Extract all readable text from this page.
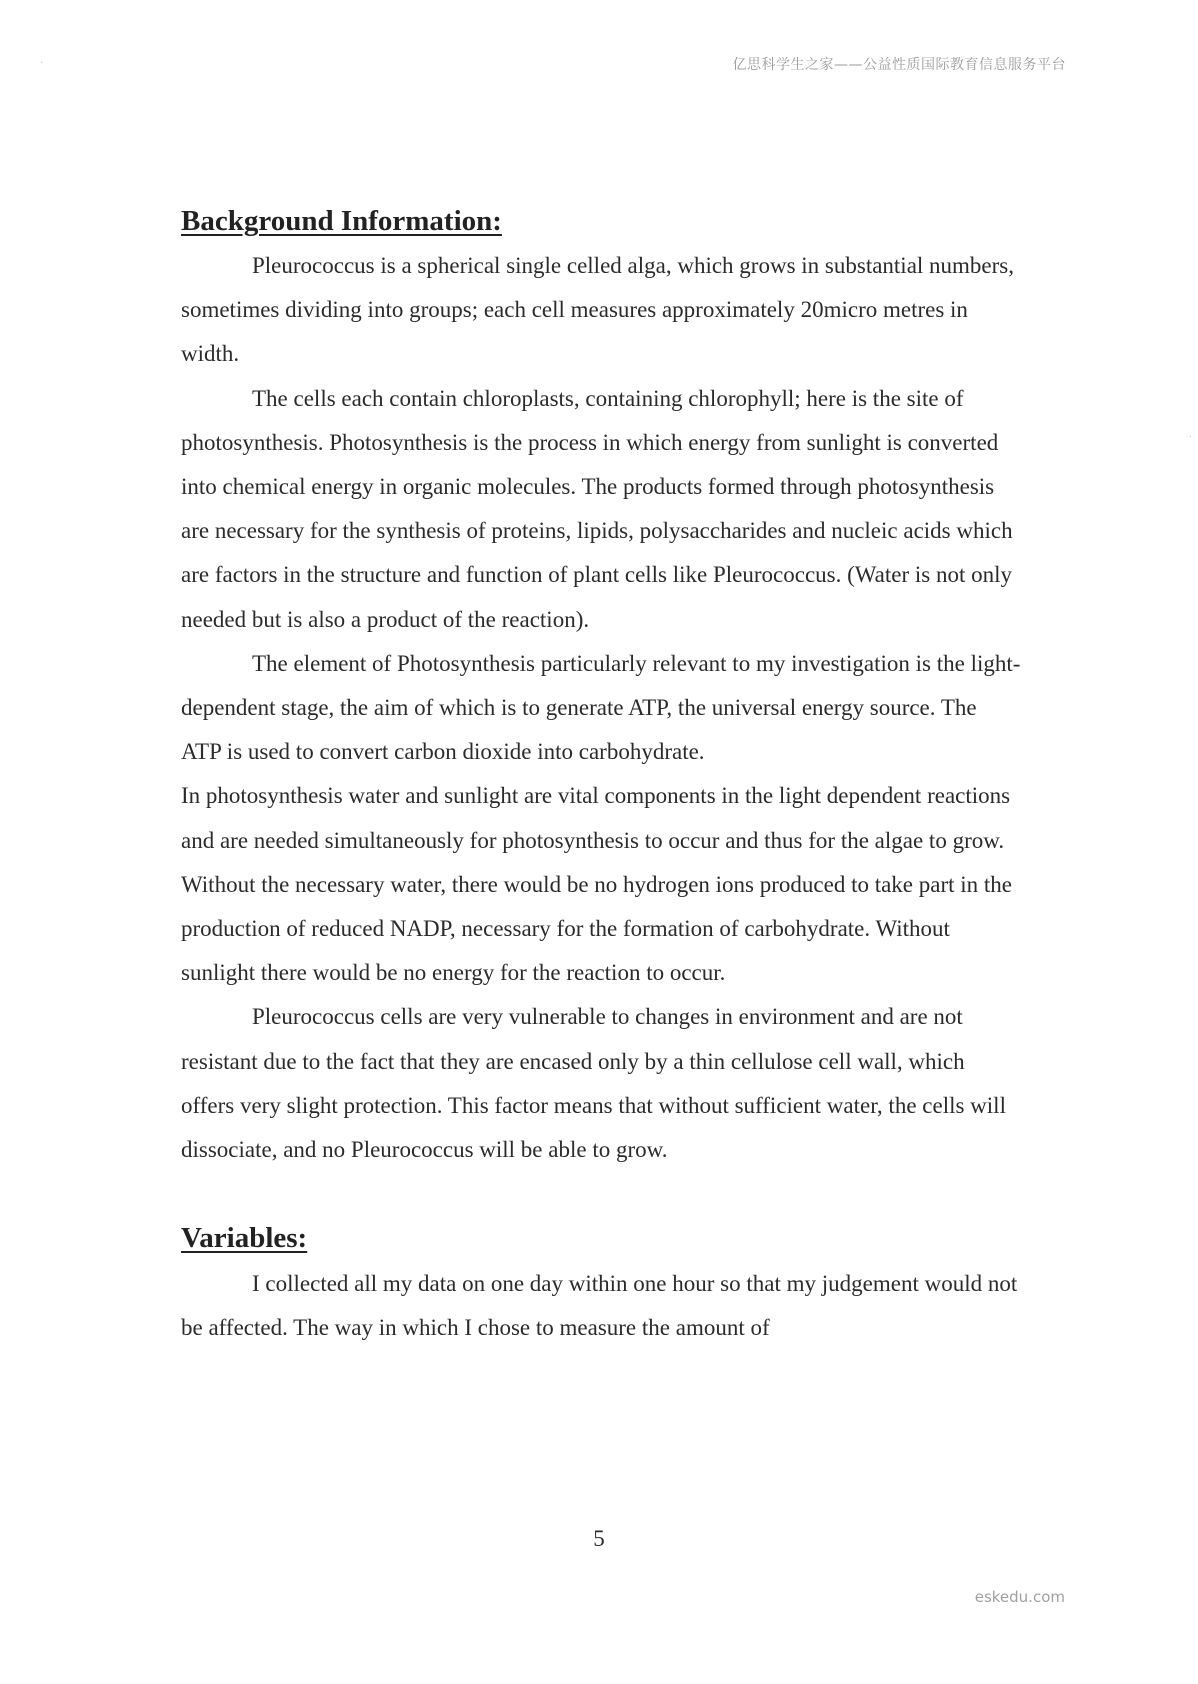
亿思科学生之家——公益性质国际教育信息服务平台
·
·
Background Information:

Pleurococcus is a spherical single celled alga, which grows in substantial numbers, sometimes dividing into groups; each cell measures approximately 20micro metres in width.

The cells each contain chloroplasts, containing chlorophyll; here is the site of photosynthesis. Photosynthesis is the process in which energy from sunlight is converted into chemical energy in organic molecules. The products formed through photosynthesis are necessary for the synthesis of proteins, lipids, polysaccharides and nucleic acids which are factors in the structure and function of plant cells like Pleurococcus. (Water is not only needed but is also a product of the reaction).

The element of Photosynthesis particularly relevant to my investigation is the light-dependent stage, the aim of which is to generate ATP, the universal energy source. The ATP is used to convert carbon dioxide into carbohydrate.

In photosynthesis water and sunlight are vital components in the light dependent reactions and are needed simultaneously for photosynthesis to occur and thus for the algae to grow. Without the necessary water, there would be no hydrogen ions produced to take part in the production of reduced NADP, necessary for the formation of carbohydrate. Without sunlight there would be no energy for the reaction to occur.

Pleurococcus cells are very vulnerable to changes in environment and are not resistant due to the fact that they are encased only by a thin cellulose cell wall, which offers very slight protection. This factor means that without sufficient water, the cells will dissociate, and no Pleurococcus will be able to grow.

Variables:

I collected all my data on one day within one hour so that my judgement would not be affected. The way in which I chose to measure the amount of

5
eskedu.com
